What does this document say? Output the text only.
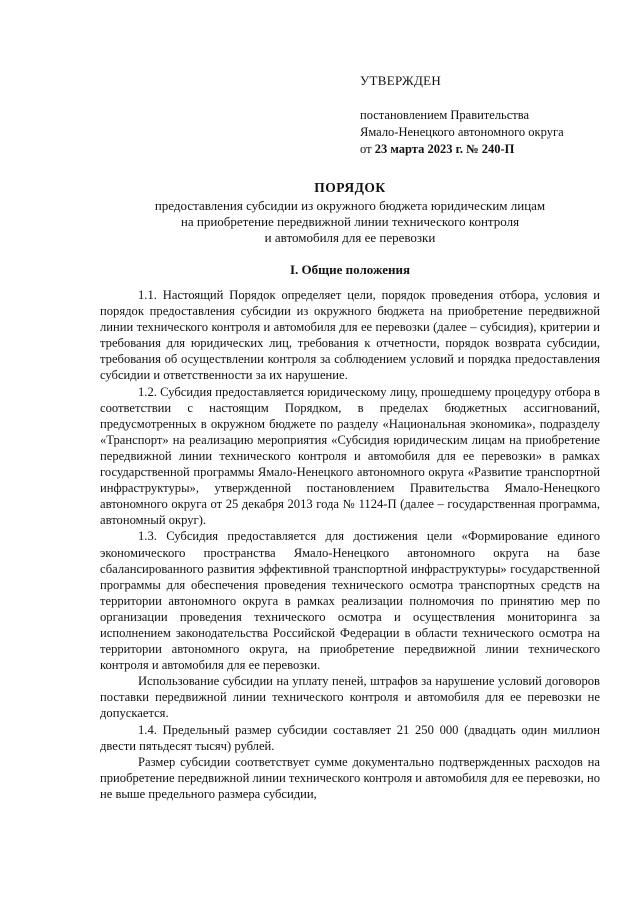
УТВЕРЖДЕН
постановлением Правительства
Ямало-Ненецкого автономного округа
от 23 марта 2023 г. № 240-П
ПОРЯДОК
предоставления субсидии из окружного бюджета юридическим лицам
на приобретение передвижной линии технического контроля
и автомобиля для ее перевозки
I. Общие положения

1.1. Настоящий Порядок определяет цели, порядок проведения отбора, условия и порядок предоставления субсидии из окружного бюджета на приобретение передвижной линии технического контроля и автомобиля для ее перевозки (далее – субсидия), критерии и требования для юридических лиц, требования к отчетности, порядок возврата субсидии, требования об осуществлении контроля за соблюдением условий и порядка предоставления субсидии и ответственности за их нарушение.

1.2. Субсидия предоставляется юридическому лицу, прошедшему процедуру отбора в соответствии с настоящим Порядком, в пределах бюджетных ассигнований, предусмотренных в окружном бюджете по разделу «Национальная экономика», подразделу «Транспорт» на реализацию мероприятия «Субсидия юридическим лицам на приобретение передвижной линии технического контроля и автомобиля для ее перевозки» в рамках государственной программы Ямало-Ненецкого автономного округа «Развитие транспортной инфраструктуры», утвержденной постановлением Правительства Ямало-Ненецкого автономного округа от 25 декабря 2013 года № 1124-П (далее – государственная программа, автономный округ).

1.3. Субсидия предоставляется для достижения цели «Формирование единого экономического пространства Ямало-Ненецкого автономного округа на базе сбалансированного развития эффективной транспортной инфраструктуры» государственной программы для обеспечения проведения технического осмотра транспортных средств на территории автономного округа в рамках реализации полномочия по принятию мер по организации проведения технического осмотра и осуществления мониторинга за исполнением законодательства Российской Федерации в области технического осмотра на территории автономного округа, на приобретение передвижной линии технического контроля и автомобиля для ее перевозки.

Использование субсидии на уплату пеней, штрафов за нарушение условий договоров поставки передвижной линии технического контроля и автомобиля для ее перевозки не допускается.

1.4. Предельный размер субсидии составляет 21 250 000 (двадцать один миллион двести пятьдесят тысяч) рублей.

Размер субсидии соответствует сумме документально подтвержденных расходов на приобретение передвижной линии технического контроля и автомобиля для ее перевозки, но не выше предельного размера субсидии,
